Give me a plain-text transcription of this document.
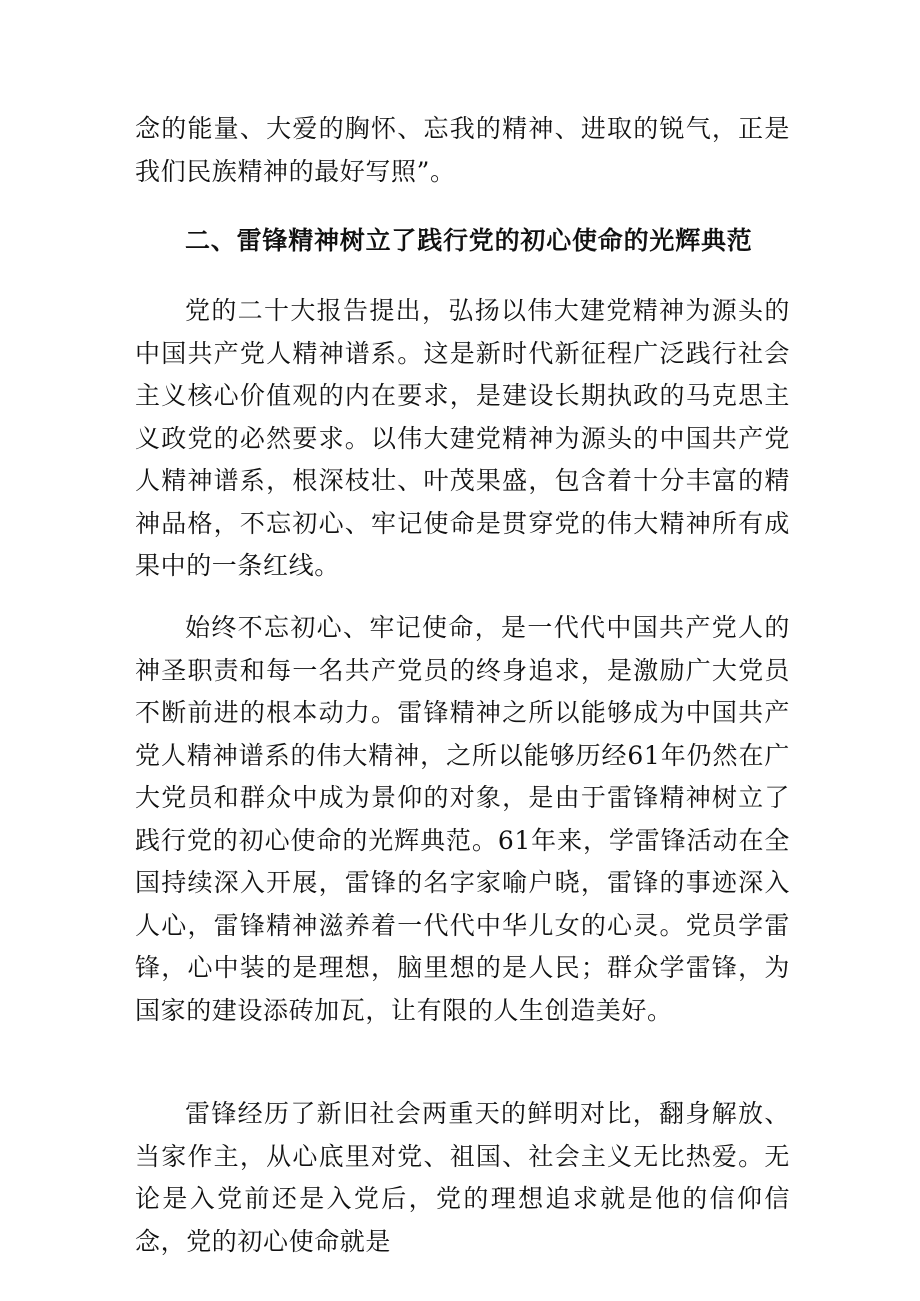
念的能量、大爱的胸怀、忘我的精神、进取的锐气，正是我们民族精神的最好写照”。

二、雷锋精神树立了践行党的初心使命的光辉典范

党的二十大报告提出，弘扬以伟大建党精神为源头的中国共产党人精神谱系。这是新时代新征程广泛践行社会主义核心价值观的内在要求，是建设长期执政的马克思主义政党的必然要求。以伟大建党精神为源头的中国共产党人精神谱系，根深枝壮、叶茂果盛，包含着十分丰富的精神品格，不忘初心、牢记使命是贯穿党的伟大精神所有成果中的一条红线。

始终不忘初心、牢记使命，是一代代中国共产党人的神圣职责和每一名共产党员的终身追求，是激励广大党员不断前进的根本动力。雷锋精神之所以能够成为中国共产党人精神谱系的伟大精神，之所以能够历经61年仍然在广大党员和群众中成为景仰的对象，是由于雷锋精神树立了践行党的初心使命的光辉典范。61年来，学雷锋活动在全国持续深入开展，雷锋的名字家喻户晓，雷锋的事迹深入人心，雷锋精神滋养着一代代中华儿女的心灵。党员学雷锋，心中装的是理想，脑里想的是人民；群众学雷锋，为国家的建设添砖加瓦，让有限的人生创造美好。

雷锋经历了新旧社会两重天的鲜明对比，翻身解放、当家作主，从心底里对党、祖国、社会主义无比热爱。无论是入党前还是入党后，党的理想追求就是他的信仰信念，党的初心使命就是
